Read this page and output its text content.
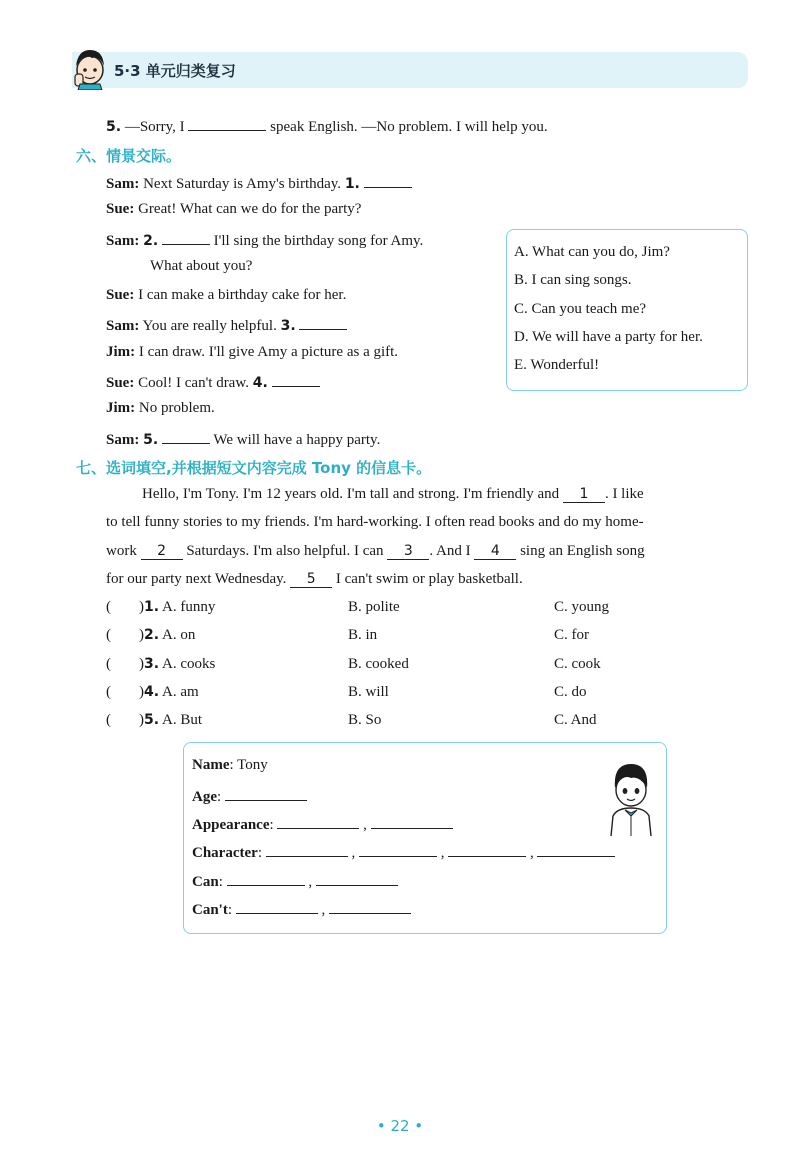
5·3 单元归类复习
5. —Sorry, I	speak English. —No problem. I will help you.
六、情景交际。
Sam: Next Saturday is Amy's birthday. 1.
Sue: Great! What can we do for the party?
Sam: 2.	I'll sing the birthday song for Amy.
What about you?
Sue: I can make a birthday cake for her.
Sam: You are really helpful. 3.
Jim: I can draw. I'll give Amy a picture as a gift.
Sue: Cool! I can't draw. 4.
Jim: No problem.
Sam: 5.	We will have a happy party.
A. What can you do, Jim?
B. I can sing songs.
C. Can you teach me?
D. We will have a party for her.
E. Wonderful!
七、选词填空,并根据短文内容完成 Tony 的信息卡。
Hello, I'm Tony. I'm 12 years old. I'm tall and strong. I'm friendly and 1 . I like
to tell funny stories to my friends. I'm hard-working. I often read books and do my home-
work 2 Saturdays. I'm also helpful. I can 3 . And I 4 sing an English song
for our party next Wednesday. 5 I can't swim or play basketball.
( )1. A. funny	B. polite	C. young
( )2. A. on	B. in	C. for
( )3. A. cooks	B. cooked	C. cook
( )4. A. am	B. will	C. do
( )5. A. But	B. So	C. And
Name: Tony
Age:
Appearance:	,
Character:	,	,	,
Can:	,
Can't:	,
• 22 •
